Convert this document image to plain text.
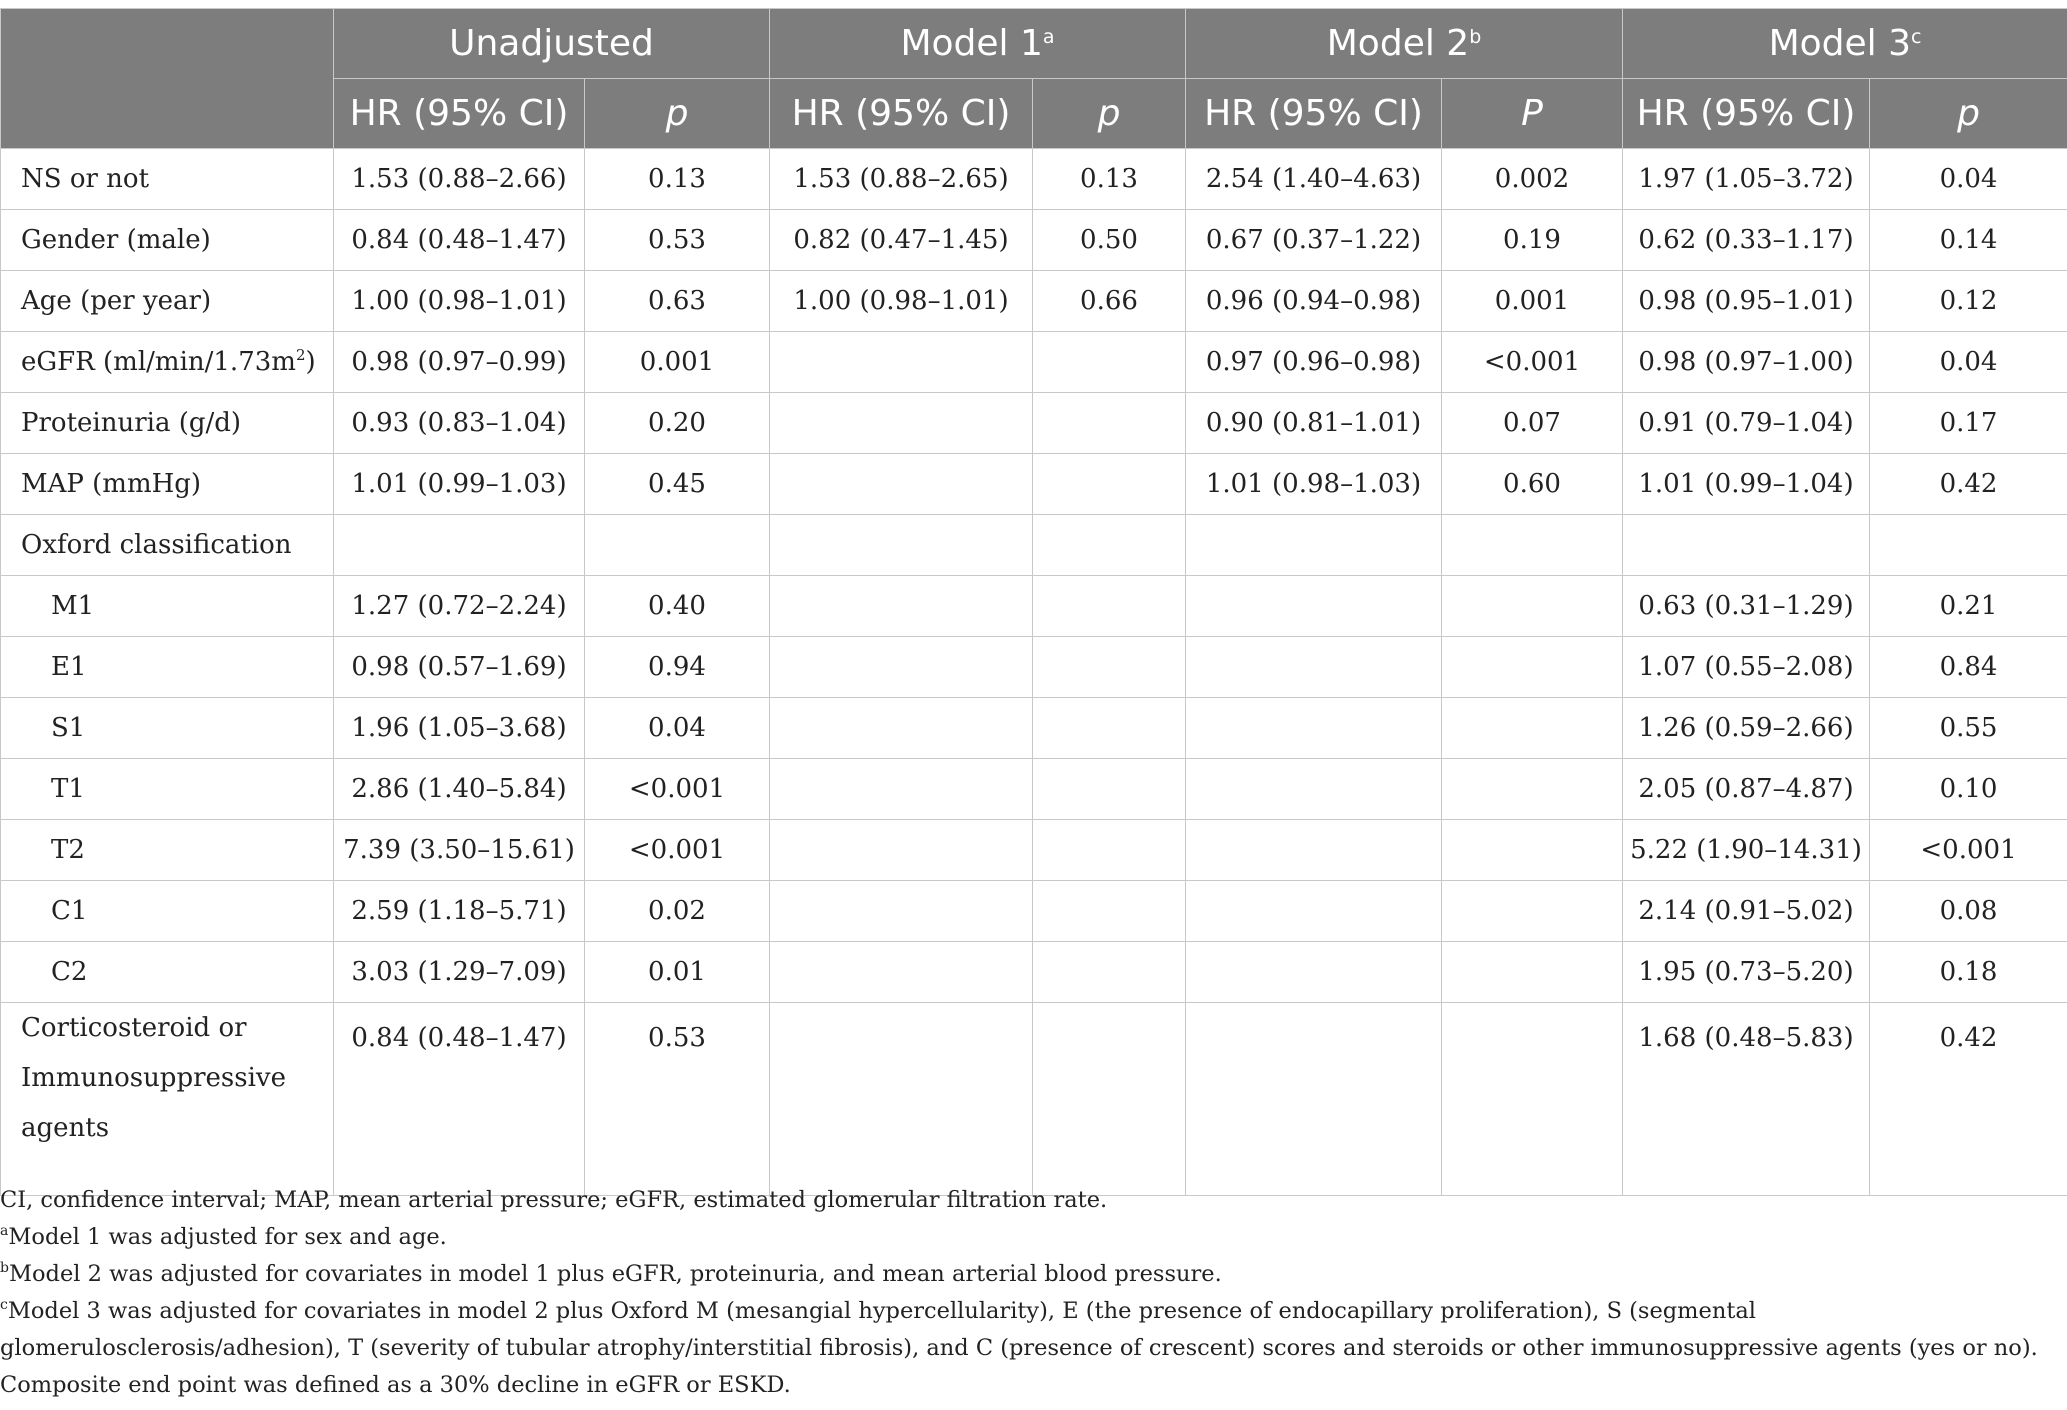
	Unadjusted		Model 1$^a$		Model 2$^b$		Model 3$^c$
	HR (95% CI)	p	HR (95% CI)	p	HR (95% CI)	P	HR (95% CI)	p
NS or not	1.53 (0.88–2.66)	0.13	1.53 (0.88–2.65)	0.13	2.54 (1.40–4.63)	0.002	1.97 (1.05–3.72)	0.04
Gender (male)	0.84 (0.48–1.47)	0.53	0.82 (0.47–1.45)	0.50	0.67 (0.37–1.22)	0.19	0.62 (0.33–1.17)	0.14
Age (per year)	1.00 (0.98–1.01)	0.63	1.00 (0.98–1.01)	0.66	0.96 (0.94–0.98)	0.001	0.98 (0.95–1.01)	0.12
eGFR $(ml/\min/1.73m^2)$	0.98 (0.97–0.99)	0.001			0.97 (0.96–0.98)	<0.001	0.98 (0.97–1.00)	0.04
Proteinuria (g/d)	0.93 (0.83–1.04)	0.20			0.90 (0.81–1.01)	0.07	0.91 (0.79–1.04)	0.17
MAP (mmHg)	1.01 (0.99–1.03)	0.45			1.01 (0.98–1.03)	0.60	1.01 (0.99–1.04)	0.42
Oxford classification								
M1	1.27 (0.72–2.24)	0.40					0.63 (0.31–1.29)	0.21
E1	0.98 (0.57–1.69)	0.94					1.07 (0.55–2.08)	0.84
S1	1.96 (1.05–3.68)	0.04					1.26 (0.59–2.66)	0.55
T1	2.86 (1.40–5.84)	<0.001					2.05 (0.87–4.87)	0.10
T2	7.39 (3.50–15.61)	<0.001					5.22 (1.90–14.31)	<0.001
C1	2.59 (1.18–5.71)	0.02					2.14 (0.91–5.02)	0.08
C2	3.03 (1.29–7.09)	0.01					1.95 (0.73–5.20)	0.18

Corticosteroid or
Immunosuppressive
agents	0.84 (0.48–1.47)	0.53					1.68 (0.48–5.83)	0.42

CI, confidence interval; MAP, mean arterial pressure; eGFR, estimated glomerular filtration rate.

$^a$Model 1 was adjusted for sex and age.

$^b$Model 2 was adjusted for covariates in model 1 plus eGFR, proteinuria, and mean arterial blood pressure.

$^c$Model 3 was adjusted for covariates in model 2 plus Oxford M (mesangial hypercellularity), E (the presence of endocapillary proliferation), S (segmental glomerulosclerosis/adhesion), T (severity of tubular atrophy/interstitial fibrosis), and C (presence of crescent) scores and steroids or other immunosuppressive agents (yes or no). Composite end point was defined as a 30% decline in eGFR or ESKD.
